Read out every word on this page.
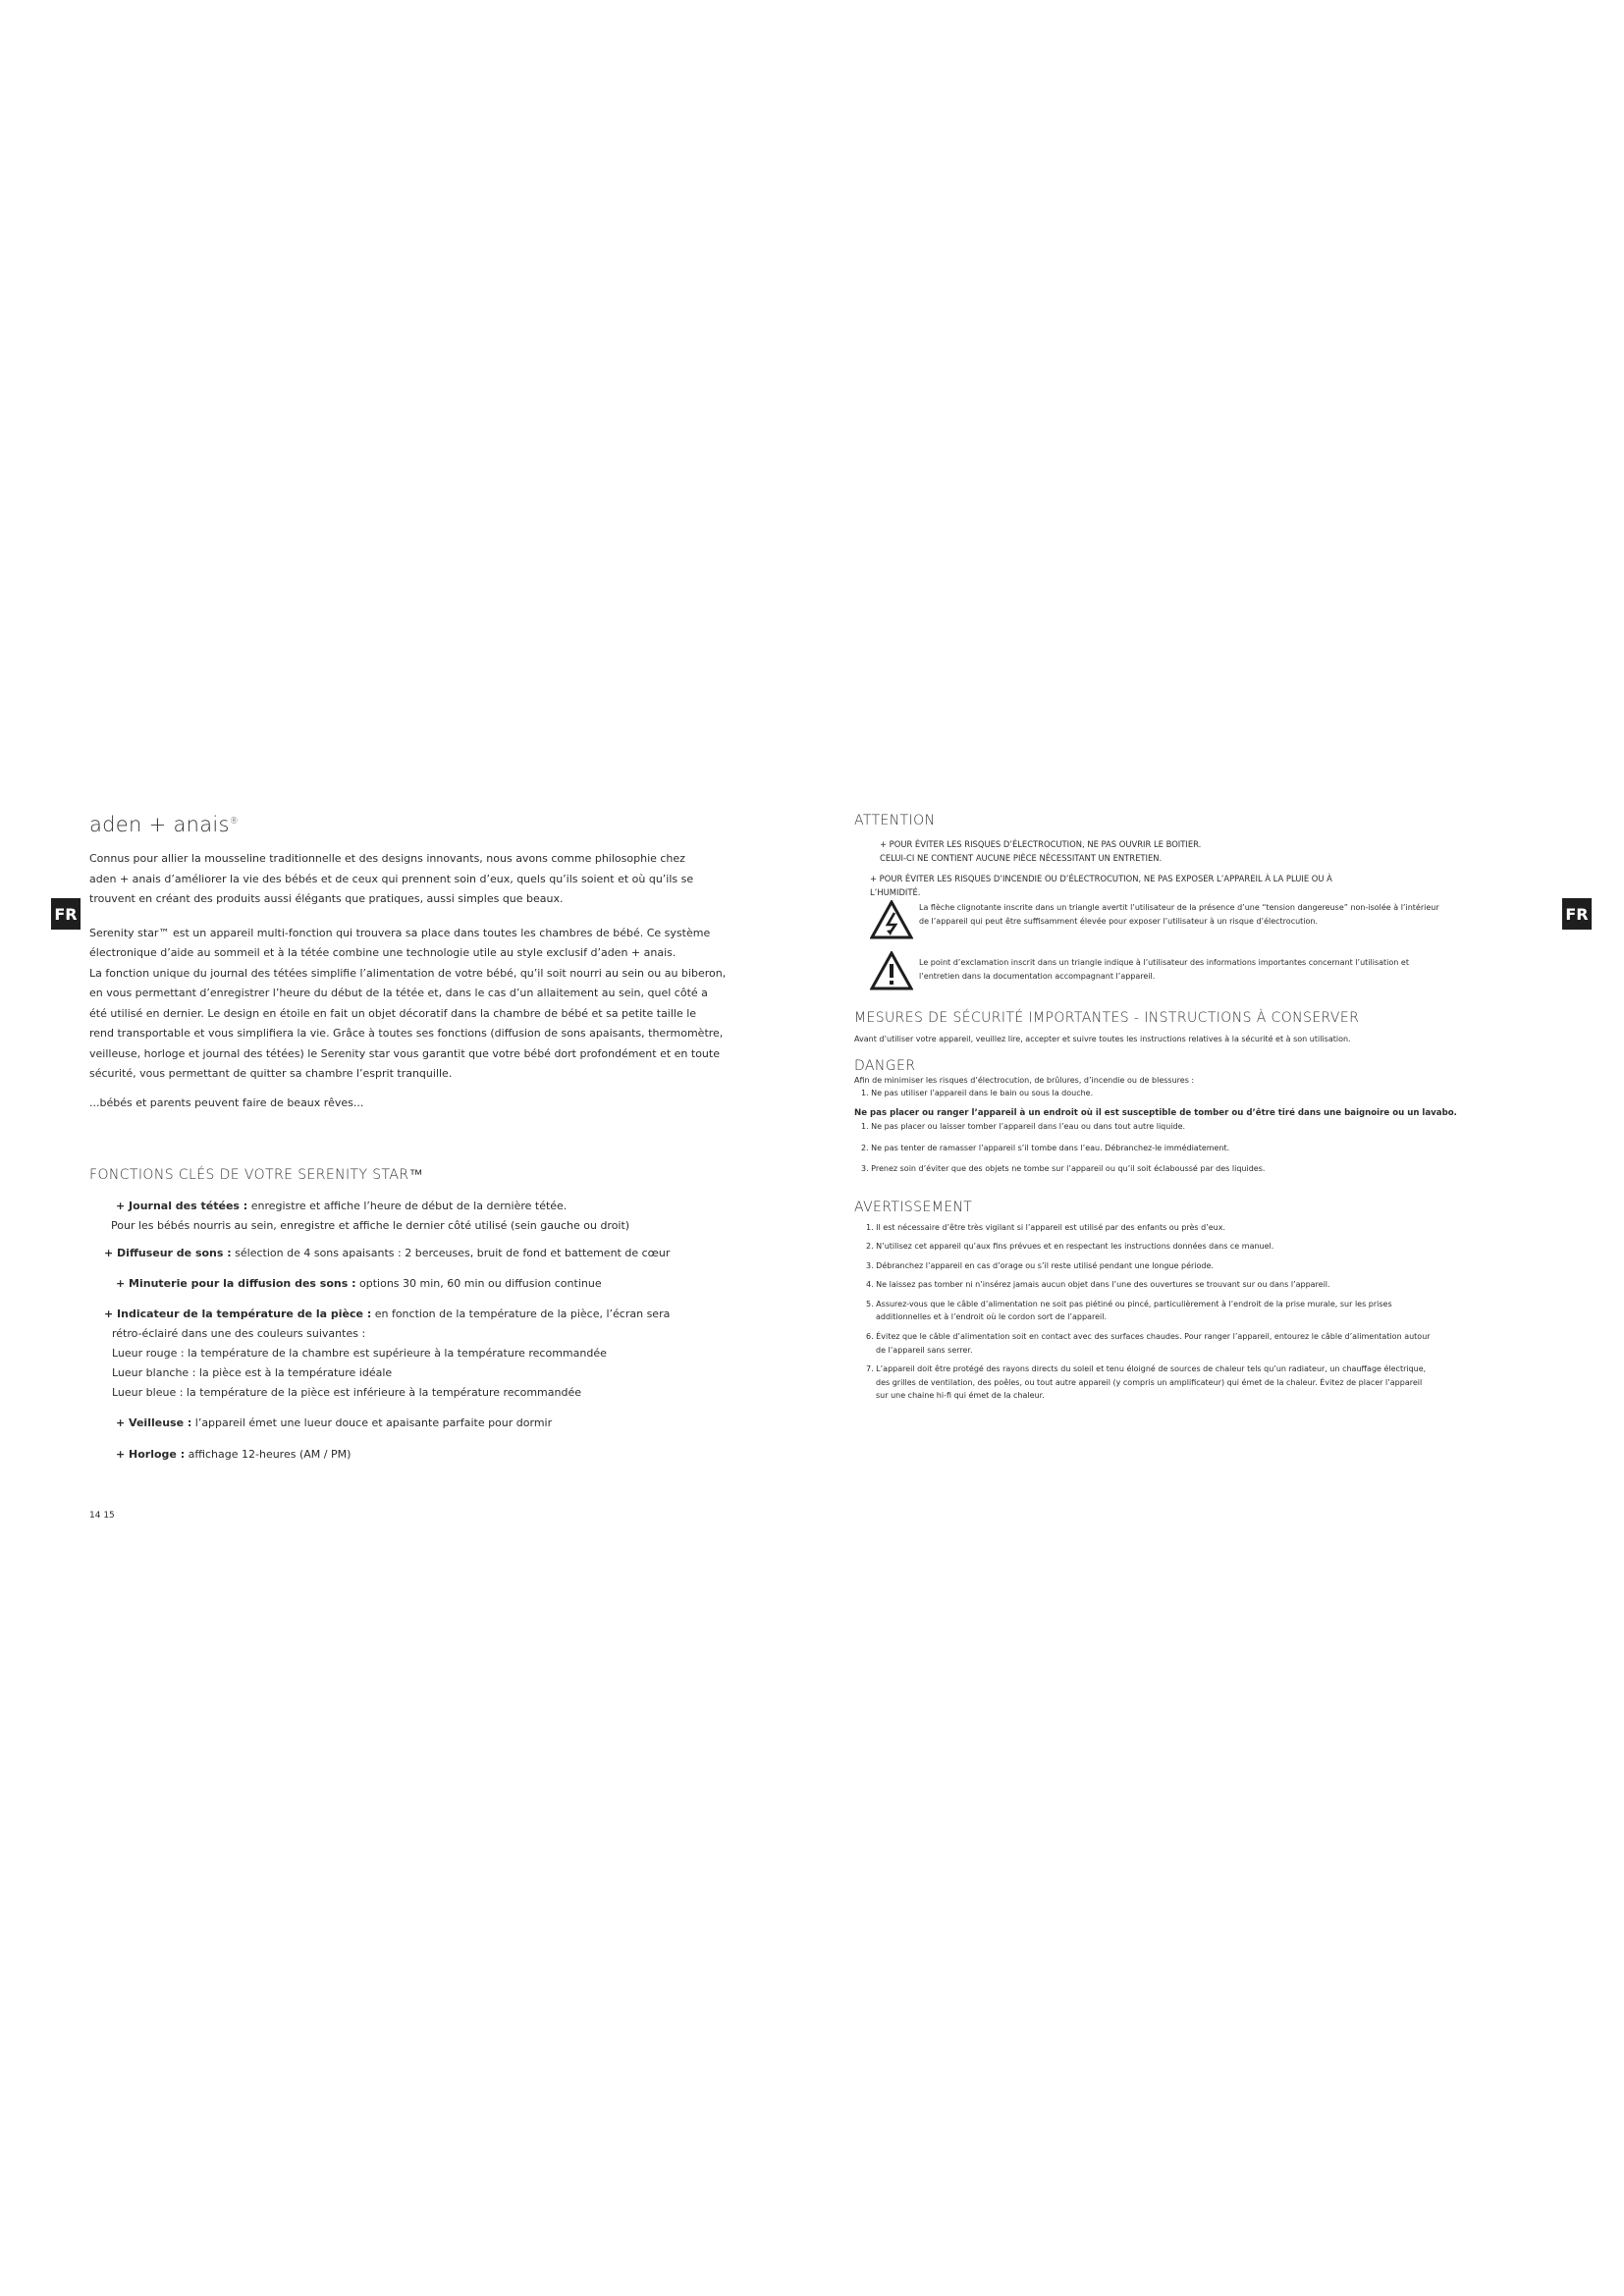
FR	FR
aden + anais®

Connus pour allier la mousseline traditionnelle et des designs innovants, nous avons comme philosophie chez

aden + anais d’améliorer la vie des bébés et de ceux qui prennent soin d’eux, quels qu’ils soient et où qu’ils se

trouvent en créant des produits aussi élégants que pratiques, aussi simples que beaux.

Serenity star™ est un appareil multi-fonction qui trouvera sa place dans toutes les chambres de bébé. Ce système

électronique d’aide au sommeil et à la tétée combine une technologie utile au style exclusif d’aden + anais.

La fonction unique du journal des tétées simplifie l’alimentation de votre bébé, qu’il soit nourri au sein ou au biberon,

en vous permettant d’enregistrer l’heure du début de la tétée et, dans le cas d’un allaitement au sein, quel côté a

été utilisé en dernier. Le design en étoile en fait un objet décoratif dans la chambre de bébé et sa petite taille le

rend transportable et vous simplifiera la vie. Grâce à toutes ses fonctions (diffusion de sons apaisants, thermomètre,

veilleuse, horloge et journal des tétées) le Serenity star vous garantit que votre bébé dort profondément et en toute

sécurité, vous permettant de quitter sa chambre l’esprit tranquille.

...bébés et parents peuvent faire de beaux rêves...

FONCTIONS CLÉS DE VOTRE SERENITY STAR™

+ Journal des tétées : enregistre et affiche l’heure de début de la dernière tétée.

Pour les bébés nourris au sein, enregistre et affiche le dernier côté utilisé (sein gauche ou droit)

+ Diffuseur de sons : sélection de 4 sons apaisants : 2 berceuses, bruit de fond et battement de cœur

+ Minuterie pour la diffusion des sons : options 30 min, 60 min ou diffusion continue

+ Indicateur de la température de la pièce : en fonction de la température de la pièce, l’écran sera

rétro-éclairé dans une des couleurs suivantes :

Lueur rouge : la température de la chambre est supérieure à la température recommandée

Lueur blanche : la pièce est à la température idéale

Lueur bleue : la température de la pièce est inférieure à la température recommandée

+ Veilleuse : l’appareil émet une lueur douce et apaisante parfaite pour dormir

+ Horloge : affichage 12-heures (AM / PM)

14 15
ATTENTION

+ POUR ÉVITER LES RISQUES D’ÉLECTROCUTION, NE PAS OUVRIR LE BOITIER.

CELUI-CI NE CONTIENT AUCUNE PIÈCE NÉCESSITANT UN ENTRETIEN.

+ POUR ÉVITER LES RISQUES D’INCENDIE OU D’ÉLECTROCUTION, NE PAS EXPOSER L’APPAREIL À LA PLUIE OU À

L’HUMIDITÉ.

La flèche clignotante inscrite dans un triangle avertit l’utilisateur de la présence d’une “tension dangereuse” non-isolée à l’intérieur

de l’appareil qui peut être suffisamment élevée pour exposer l’utilisateur à un risque d’électrocution.

Le point d’exclamation inscrit dans un triangle indique à l’utilisateur des informations importantes concernant l’utilisation et

l’entretien dans la documentation accompagnant l’appareil.

MESURES DE SÉCURITÉ IMPORTANTES - INSTRUCTIONS À CONSERVER

Avant d’utiliser votre appareil, veuillez lire, accepter et suivre toutes les instructions relatives à la sécurité et à son utilisation.

DANGER

Afin de minimiser les risques d’électrocution, de brûlures, d’incendie ou de blessures :

1. Ne pas utiliser l’appareil dans le bain ou sous la douche.

Ne pas placer ou ranger l’appareil à un endroit où il est susceptible de tomber ou d’être tiré dans une baignoire ou un lavabo.

1. Ne pas placer ou laisser tomber l’appareil dans l’eau ou dans tout autre liquide.

2. Ne pas tenter de ramasser l’appareil s’il tombe dans l’eau. Débranchez-le immédiatement.

3. Prenez soin d’éviter que des objets ne tombe sur l’appareil ou qu’il soit éclaboussé par des liquides.

AVERTISSEMENT
1. Il est nécessaire d’être très vigilant si l’appareil est utilisé par des enfants ou près d’eux.
2. N’utilisez cet appareil qu’aux fins prévues et en respectant les instructions données dans ce manuel.
3. Débranchez l’appareil en cas d’orage ou s’il reste utilisé pendant une longue période.
4. Ne laissez pas tomber ni n’insérez jamais aucun objet dans l’une des ouvertures se trouvant sur ou dans l’appareil.
5. Assurez-vous que le câble d’alimentation ne soit pas piétiné ou pincé, particulièrement à l’endroit de la prise murale, sur les prises
additionnelles et à l’endroit où le cordon sort de l’appareil.
6. Évitez que le câble d’alimentation soit en contact avec des surfaces chaudes. Pour ranger l’appareil, entourez le câble d’alimentation autour
de l’appareil sans serrer.
7. L’appareil doit être protégé des rayons directs du soleil et tenu éloigné de sources de chaleur tels qu’un radiateur, un chauffage électrique,
des grilles de ventilation, des poêles, ou tout autre appareil (y compris un amplificateur) qui émet de la chaleur. Évitez de placer l’appareil
sur une chaine hi-fi qui émet de la chaleur.
